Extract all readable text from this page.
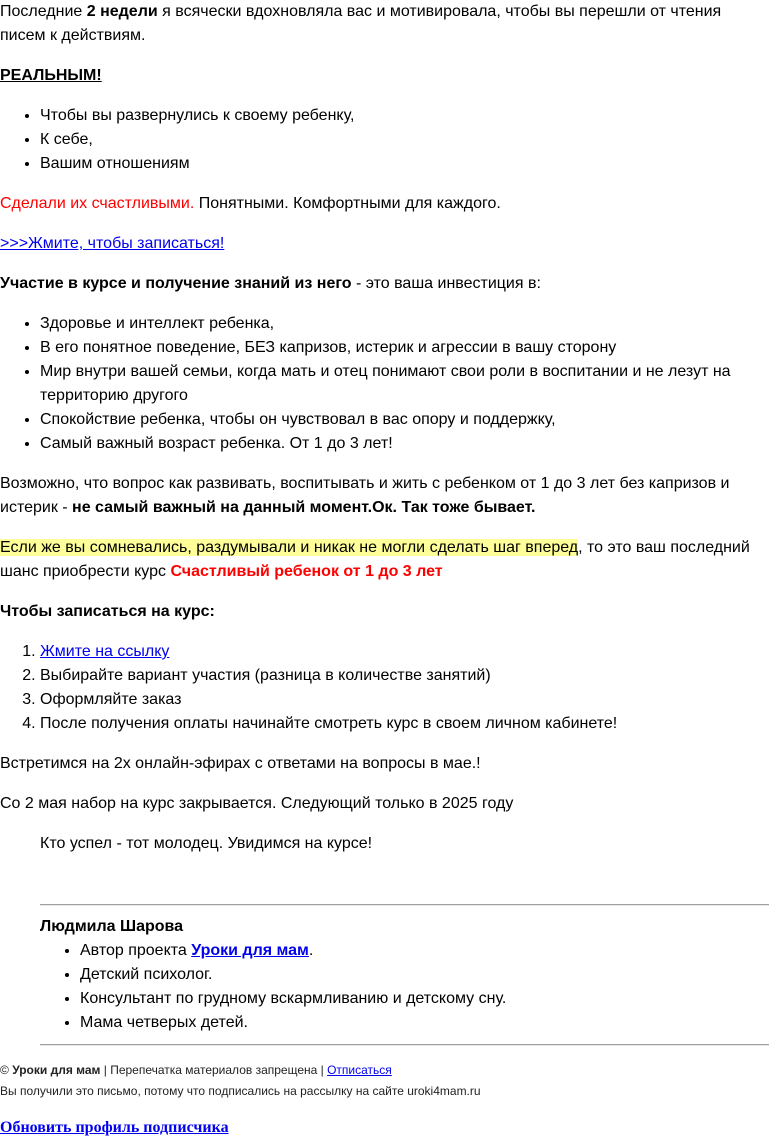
Последние 2 недели я всячески вдохновляла вас и мотивировала, чтобы вы перешли от чтения писем к действиям.

РЕАЛЬНЫМ!

• Чтобы вы развернулись к своему ребенку,
• К себе,
• Вашим отношениям

Сделали их счастливыми. Понятными. Комфортными для каждого.

>>>Жмите, чтобы записаться!

Участие в курсе и получение знаний из него - это ваша инвестиция в:

• Здоровье и интеллект ребенка,
• В его понятное поведение, БЕЗ капризов, истерик и агрессии в вашу сторону
• Мир внутри вашей семьи, когда мать и отец понимают свои роли в воспитании и не лезут на территорию другого
• Спокойствие ребенка, чтобы он чувствовал в вас опору и поддержку,
• Самый важный возраст ребенка. От 1 до 3 лет!

Возможно, что вопрос как развивать, воспитывать и жить с ребенком от 1 до 3 лет без капризов и истерик - не самый важный на данный момент.Ок. Так тоже бывает.

Если же вы сомневались, раздумывали и никак не могли сделать шаг вперед, то это ваш последний шанс приобрести курс Счастливый ребенок от 1 до 3 лет

Чтобы записаться на курс:

1. Жмите на ссылку
2. Выбирайте вариант участия (разница в количестве занятий)
3. Оформляйте заказ
4. После получения оплаты начинайте смотреть курс в своем личном кабинете!

Встретимся на 2х онлайн-эфирах с ответами на вопросы в мае.!

Со 2 мая набор на курс закрывается. Следующий только в 2025 году

Кто успел - тот молодец. Увидимся на курсе!

Людмила Шарова

• Автор проекта Уроки для мам.
• Детский психолог.
• Консультант по грудному вскармливанию и детскому сну.
• Мама четверых детей.

© Уроки для мам | Перепечатка материалов запрещена | Отписаться

Вы получили это письмо, потому что подписались на рассылку на сайте uroki4mam.ru

Обновить профиль подписчика
